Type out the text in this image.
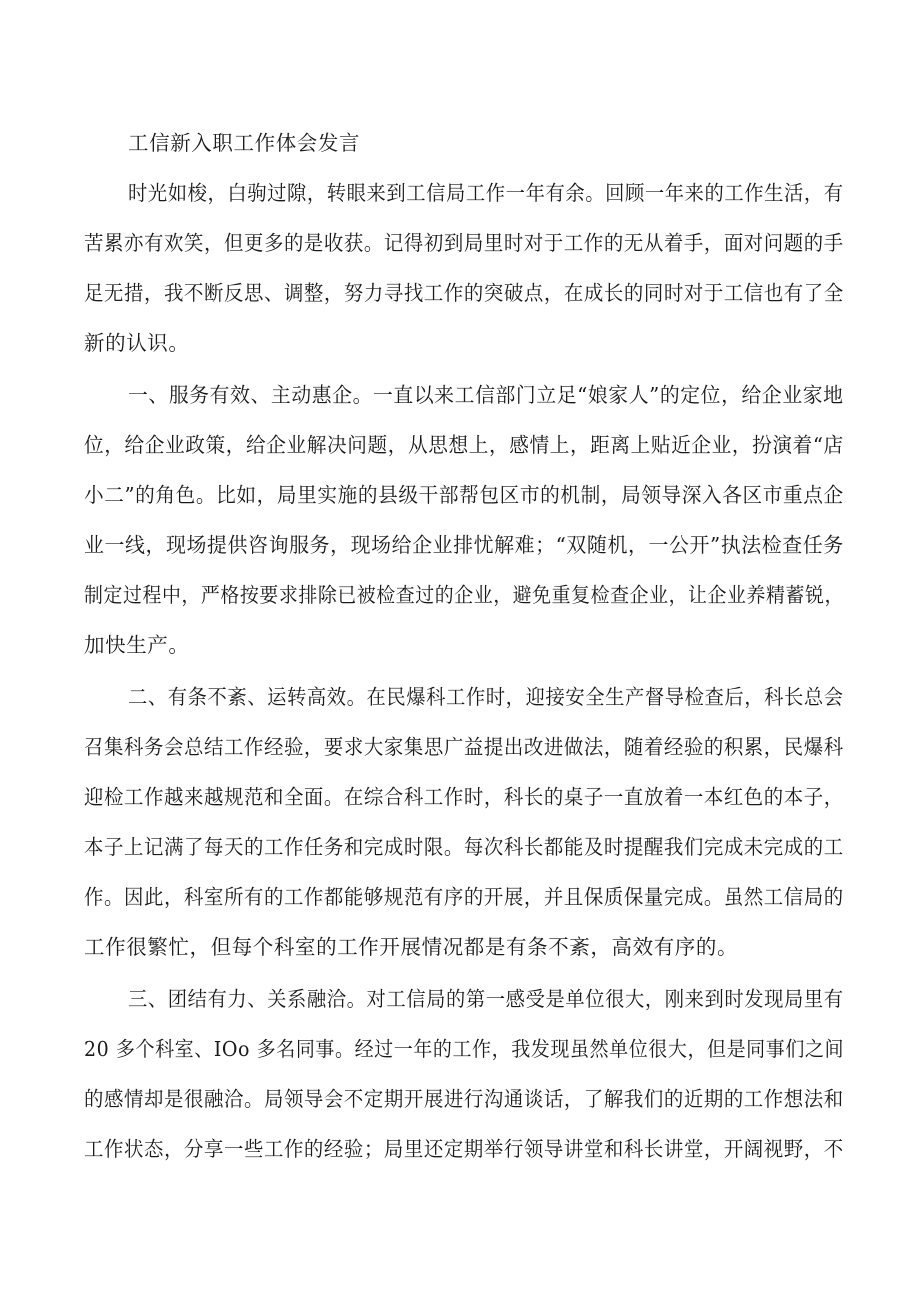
工信新入职工作体会发言
时光如梭，白驹过隙，转眼来到工信局工作一年有余。回顾一年来的工作生活，有
苦累亦有欢笑，但更多的是收获。记得初到局里时对于工作的无从着手，面对问题的手
足无措，我不断反思、调整，努力寻找工作的突破点，在成长的同时对于工信也有了全
新的认识。
一、服务有效、主动惠企。一直以来工信部门立足“娘家人”的定位，给企业家地
位，给企业政策，给企业解决问题，从思想上，感情上，距离上贴近企业，扮演着“店
小二”的角色。比如，局里实施的县级干部帮包区市的机制，局领导深入各区市重点企
业一线，现场提供咨询服务，现场给企业排忧解难；“双随机，一公开”执法检查任务
制定过程中，严格按要求排除已被检查过的企业，避免重复检查企业，让企业养精蓄锐，
加快生产。
二、有条不紊、运转高效。在民爆科工作时，迎接安全生产督导检查后，科长总会
召集科务会总结工作经验，要求大家集思广益提出改进做法，随着经验的积累，民爆科
迎检工作越来越规范和全面。在综合科工作时，科长的桌子一直放着一本红色的本子，
本子上记满了每天的工作任务和完成时限。每次科长都能及时提醒我们完成未完成的工
作。因此，科室所有的工作都能够规范有序的开展，并且保质保量完成。虽然工信局的
工作很繁忙，但每个科室的工作开展情况都是有条不紊，高效有序的。
三、团结有力、关系融洽。对工信局的第一感受是单位很大，刚来到时发现局里有
20 多个科室、IOo 多名同事。经过一年的工作，我发现虽然单位很大，但是同事们之间
的感情却是很融洽。局领导会不定期开展进行沟通谈话，了解我们的近期的工作想法和
工作状态，分享一些工作的经验；局里还定期举行领导讲堂和科长讲堂，开阔视野，不
